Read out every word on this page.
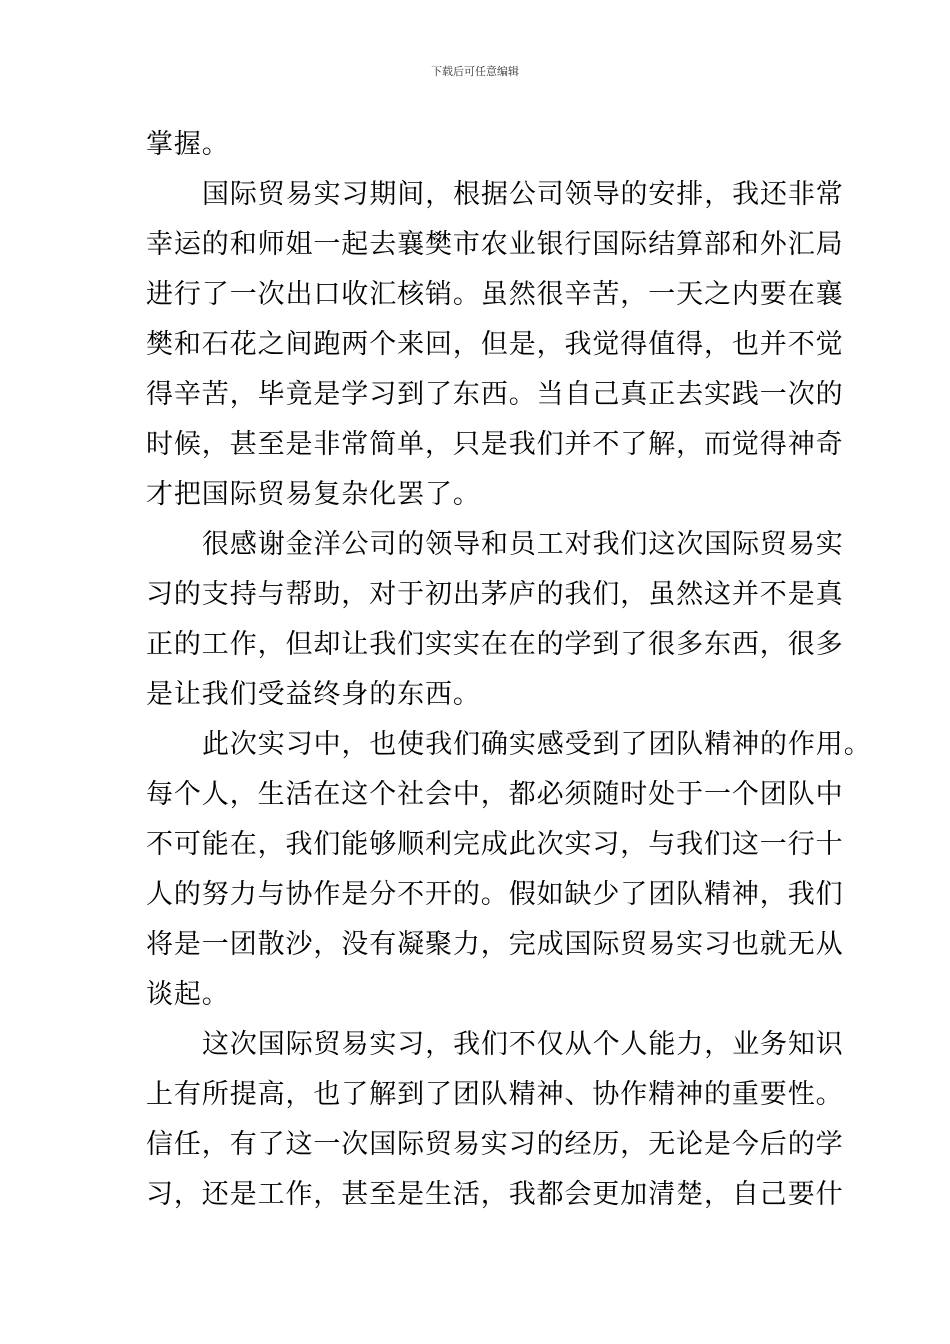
下载后可任意编辑
掌握。
国际贸易实习期间，根据公司领导的安排，我还非常
幸运的和师姐一起去襄樊市农业银行国际结算部和外汇局
进行了一次出口收汇核销。虽然很辛苦，一天之内要在襄
樊和石花之间跑两个来回，但是，我觉得值得，也并不觉
得辛苦，毕竟是学习到了东西。当自己真正去实践一次的
时候，甚至是非常简单，只是我们并不了解，而觉得神奇
才把国际贸易复杂化罢了。
很感谢金洋公司的领导和员工对我们这次国际贸易实
习的支持与帮助，对于初出茅庐的我们，虽然这并不是真
正的工作，但却让我们实实在在的学到了很多东西，很多
是让我们受益终身的东西。
此次实习中，也使我们确实感受到了团队精神的作用。
每个人，生活在这个社会中，都必须随时处于一个团队中
不可能在，我们能够顺利完成此次实习，与我们这一行十
人的努力与协作是分不开的。假如缺少了团队精神，我们
将是一团散沙，没有凝聚力，完成国际贸易实习也就无从
谈起。
这次国际贸易实习，我们不仅从个人能力，业务知识
上有所提高，也了解到了团队精神、协作精神的重要性。
信任，有了这一次国际贸易实习的经历，无论是今后的学
习，还是工作，甚至是生活，我都会更加清楚，自己要什
